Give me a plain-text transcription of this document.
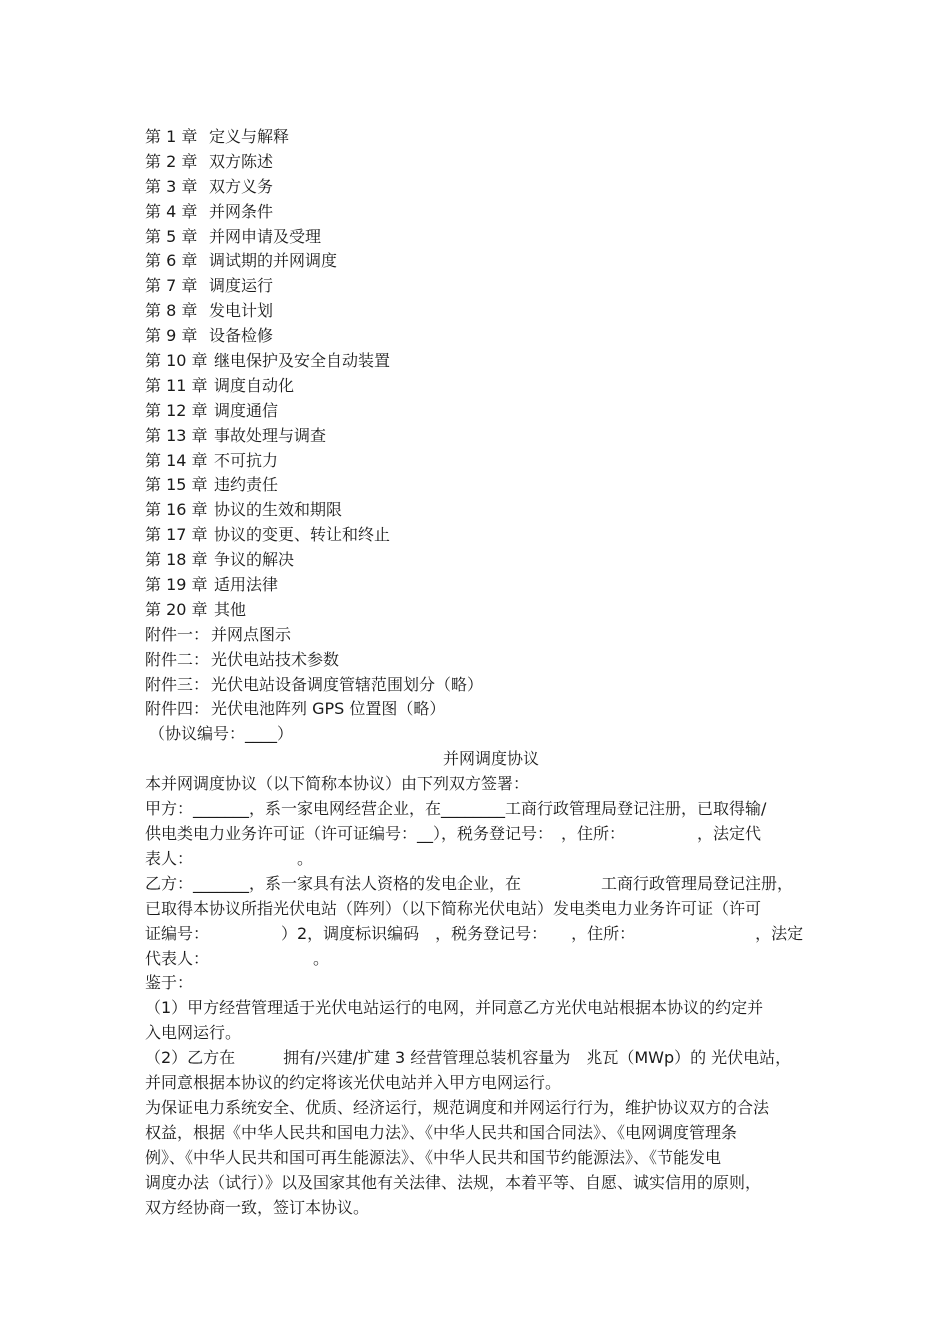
第 1 章 定义与解释
第 2 章 双方陈述
第 3 章 双方义务
第 4 章 并网条件
第 5 章 并网申请及受理
第 6 章 调试期的并网调度
第 7 章 调度运行
第 8 章 发电计划
第 9 章 设备检修
第 10 章 继电保护及安全自动装置
第 11 章 调度自动化
第 12 章 调度通信
第 13 章 事故处理与调查
第 14 章 不可抗力
第 15 章 违约责任
第 16 章 协议的生效和期限
第 17 章 协议的变更、转让和终止
第 18 章 争议的解决
第 19 章 适用法律
第 20 章 其他
附件一： 并网点图示
附件二： 光伏电站技术参数
附件三： 光伏电站设备调度管辖范围划分（略）
附件四： 光伏电池阵列 GPS 位置图（略）
（协议编号：____）
并网调度协议
本并网调度协议（以下简称本协议）由下列双方签署：
甲方：_______，系一家电网经营企业，在________工商行政管理局登记注册，已取得输/
供电类电力业务许可证（许可证编号：__），税务登记号：　，住所：　　　　　，法定代
表人：　　　　　　　。
乙方：_______，系一家具有法人资格的发电企业，在　　　　　工商行政管理局登记注册，
已取得本协议所指光伏电站（阵列）（以下简称光伏电站）发电类电力业务许可证（许可
证编号：　　　　　）2，调度标识编码　，税务登记号：　　，住所：　　　　　　　　，法定
代表人：　　　　　　　。
鉴于：
（1）甲方经营管理适于光伏电站运行的电网，并同意乙方光伏电站根据本协议的约定并
入电网运行。
（2）乙方在　　　拥有/兴建/扩建 3 经营管理总装机容量为　兆瓦（MWp）的 光伏电站，
并同意根据本协议的约定将该光伏电站并入甲方电网运行。
为保证电力系统安全、优质、经济运行，规范调度和并网运行行为，维护协议双方的合法
权益，根据《中华人民共和国电力法》、《中华人民共和国合同法》、《电网调度管理条
例》、《中华人民共和国可再生能源法》、《中华人民共和国节约能源法》、《节能发电
调度办法（试行）》以及国家其他有关法律、法规，本着平等、自愿、诚实信用的原则，
双方经协商一致，签订本协议。
